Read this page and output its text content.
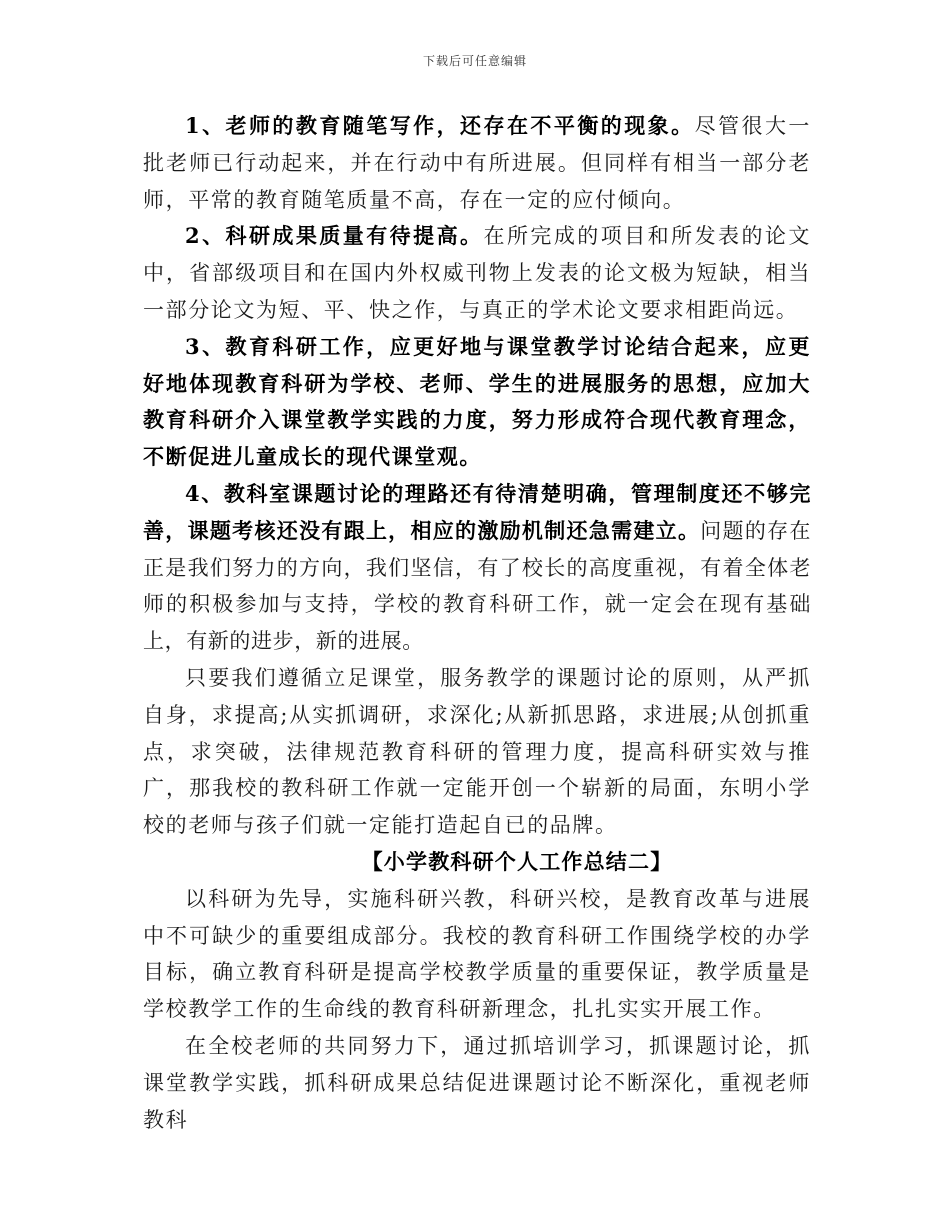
下载后可任意编辑

1、老师的教育随笔写作，还存在不平衡的现象。尽管很大一批老师已行动起来，并在行动中有所进展。但同样有相当一部分老师，平常的教育随笔质量不高，存在一定的应付倾向。

2、科研成果质量有待提高。在所完成的项目和所发表的论文中，省部级项目和在国内外权威刊物上发表的论文极为短缺，相当一部分论文为短、平、快之作，与真正的学术论文要求相距尚远。

3、教育科研工作，应更好地与课堂教学讨论结合起来，应更好地体现教育科研为学校、老师、学生的进展服务的思想，应加大教育科研介入课堂教学实践的力度，努力形成符合现代教育理念，不断促进儿童成长的现代课堂观。

4、教科室课题讨论的理路还有待清楚明确，管理制度还不够完善，课题考核还没有跟上，相应的激励机制还急需建立。问题的存在正是我们努力的方向，我们坚信，有了校长的高度重视，有着全体老师的积极参加与支持，学校的教育科研工作，就一定会在现有基础上，有新的进步，新的进展。

只要我们遵循立足课堂，服务教学的课题讨论的原则，从严抓自身，求提高;从实抓调研，求深化;从新抓思路，求进展;从创抓重点，求突破，法律规范教育科研的管理力度，提高科研实效与推广，那我校的教科研工作就一定能开创一个崭新的局面，东明小学校的老师与孩子们就一定能打造起自已的品牌。

【小学教科研个人工作总结二】

以科研为先导，实施科研兴教，科研兴校，是教育改革与进展中不可缺少的重要组成部分。我校的教育科研工作围绕学校的办学目标，确立教育科研是提高学校教学质量的重要保证，教学质量是学校教学工作的生命线的教育科研新理念，扎扎实实开展工作。

在全校老师的共同努力下，通过抓培训学习，抓课题讨论，抓课堂教学实践，抓科研成果总结促进课题讨论不断深化，重视老师教科
